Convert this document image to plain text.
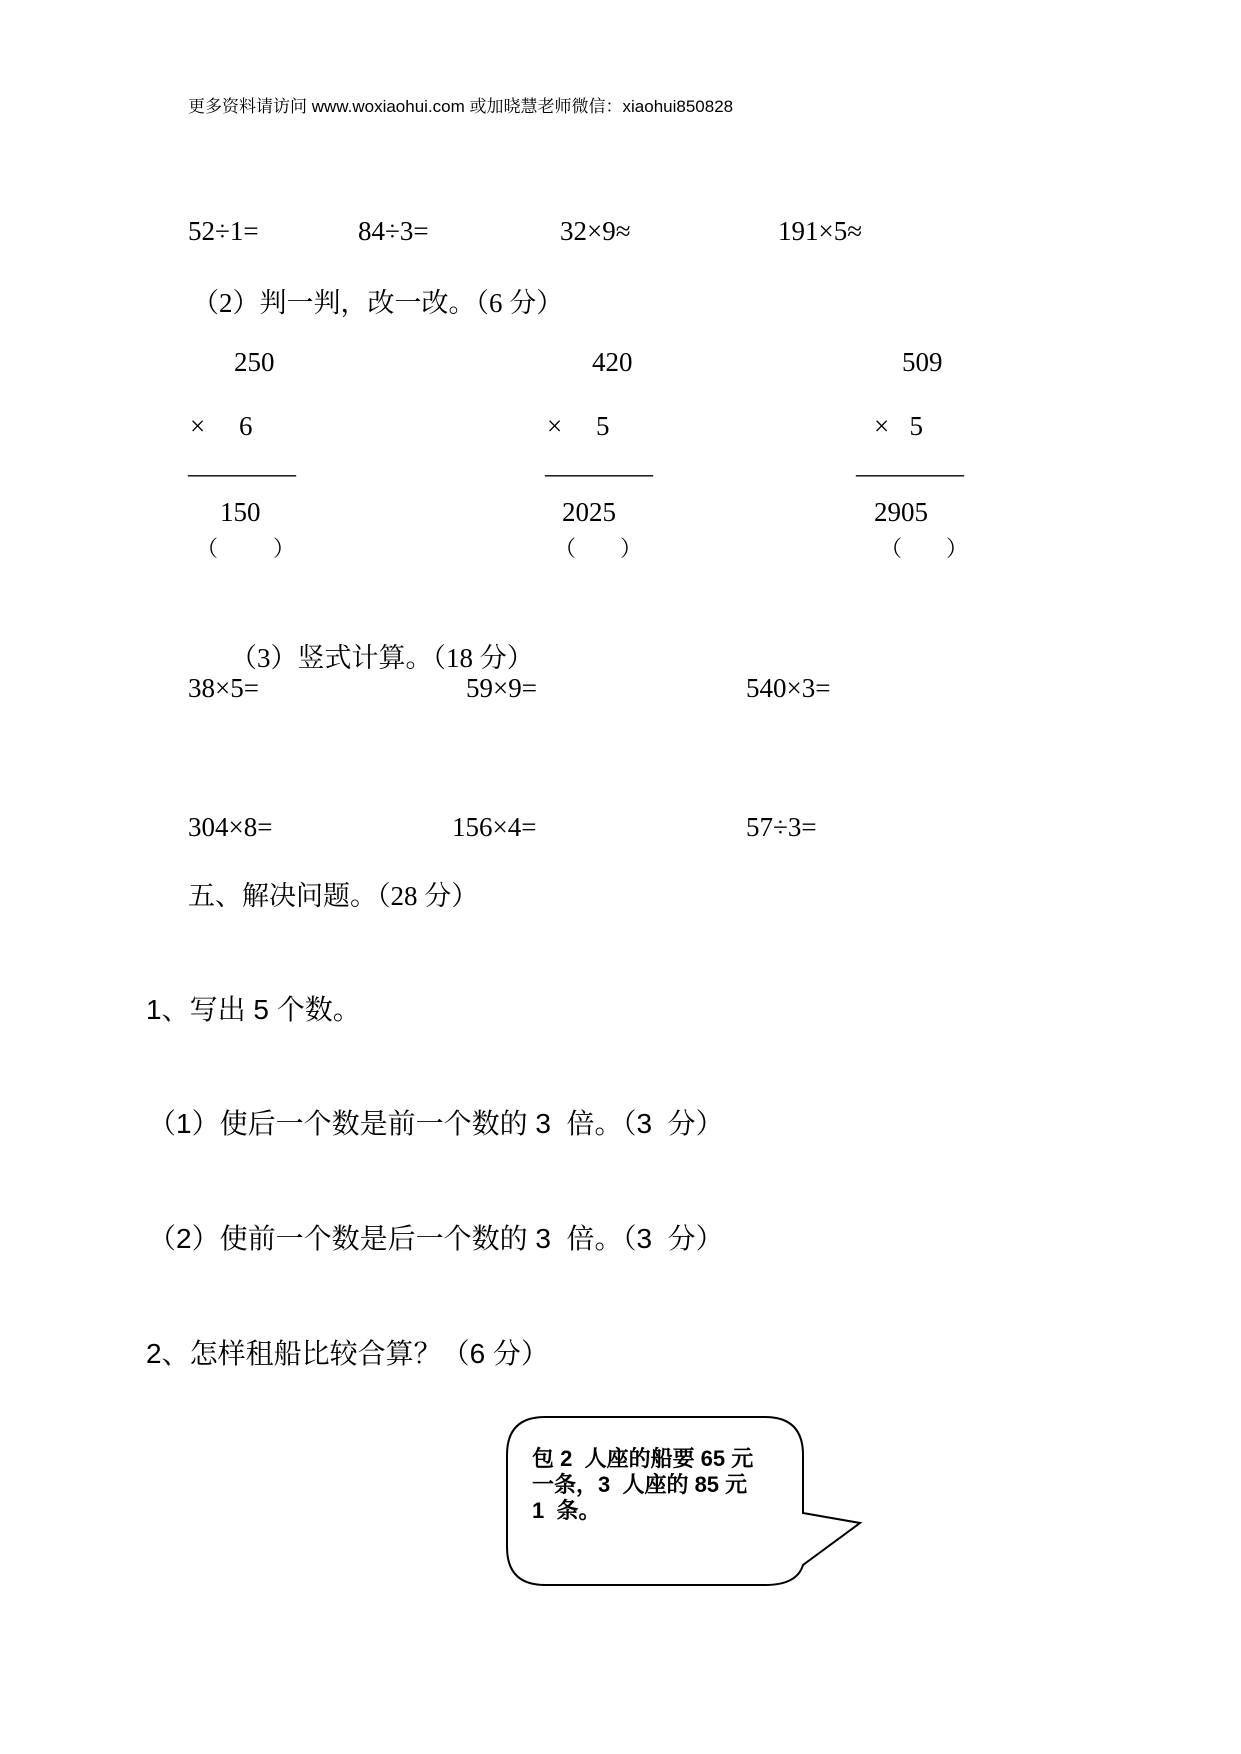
更多资料请访问 www.woxiaohui.com 或加晓慧老师微信：xiaohui850828
52÷1=	84÷3=	32×9≈	191×5≈
（2）判一判，改一改。（6 分）
250
×     6
————
150
（          ）
420
×     5
————
2025
（        ）
509
×   5
————
2905
（        ）
（3）竖式计算。（18 分）
38×5=	59×9=	540×3=
304×8=	156×4=	57÷3=
五、解决问题。（28 分）
1、写出 5 个数。
（1）使后一个数是前一个数的 3  倍。（3  分）
（2）使前一个数是后一个数的 3  倍。（3  分）
2、怎样租船比较合算？（6 分）
包 2  人座的船要 65 元
一条，3  人座的 85 元
1  条。
